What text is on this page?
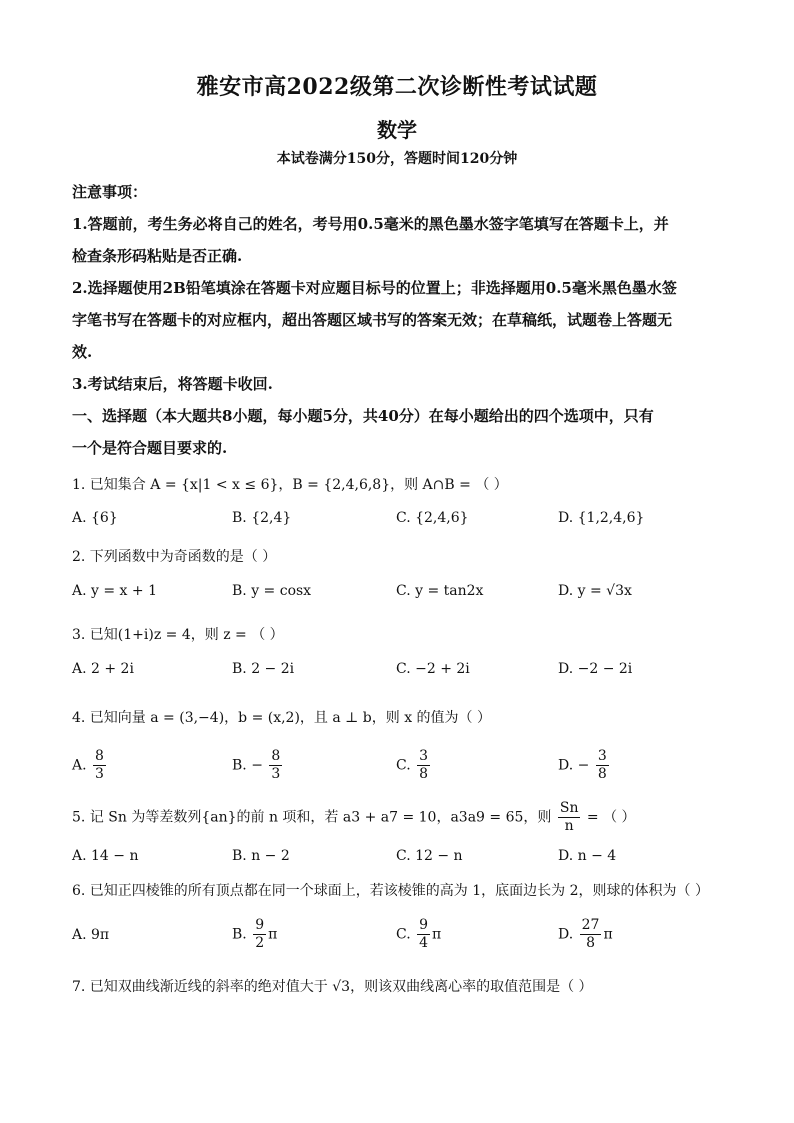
雅安市高2022级第二次诊断性考试试题
数学
本试卷满分150分，答题时间120分钟
注意事项：
1.答题前，考生务必将自己的姓名，考号用0.5毫米的黑色墨水签字笔填写在答题卡上，并
检查条形码粘贴是否正确.
2.选择题使用2B铅笔填涂在答题卡对应题目标号的位置上；非选择题用0.5毫米黑色墨水签
字笔书写在答题卡的对应框内，超出答题区域书写的答案无效；在草稿纸，试题卷上答题无
效.
3.考试结束后，将答题卡收回.
一、选择题（本大题共8小题，每小题5分，共40分）在每小题给出的四个选项中，只有
一个是符合题目要求的.
1. 已知集合 A = {x|1 < x ≤ 6}，B = {2,4,6,8}，则 A∩B = （ ）
A. {6}	B. {2,4}	C. {2,4,6}	D. {1,2,4,6}
2. 下列函数中为奇函数的是（ ）
A. y = x + 1	B. y = cosx	C. y = tan2x	D. y = √3x
3. 已知(1+i)z = 4，则 z = （ ）
A. 2 + 2i	B. 2 − 2i	C. −2 + 2i	D. −2 − 2i
4. 已知向量 a = (3,−4)，b = (x,2)，且 a ⊥ b，则 x 的值为（ ）
A. $\frac{8}{3}$	B. − $\frac{8}{3}$	C. $\frac{3}{8}$	D. − $\frac{3}{8}$
5. 记 Sn 为等差数列{an}的前 n 项和，若 a3 + a7 = 10，a3a9 = 65，则 $\frac{Sn}{n}$ = （ ）
A. 14 − n	B. n − 2	C. 12 − n	D. n − 4
6. 已知正四棱锥的所有顶点都在同一个球面上，若该棱锥的高为 1，底面边长为 2，则球的体积为（ ）
A. 9π	B. $\frac{9}{2}$ π	C. $\frac{9}{4}$ π	D. $\frac{27}{8}$ π
7. 已知双曲线渐近线的斜率的绝对值大于 √3，则该双曲线离心率的取值范围是（ ）
